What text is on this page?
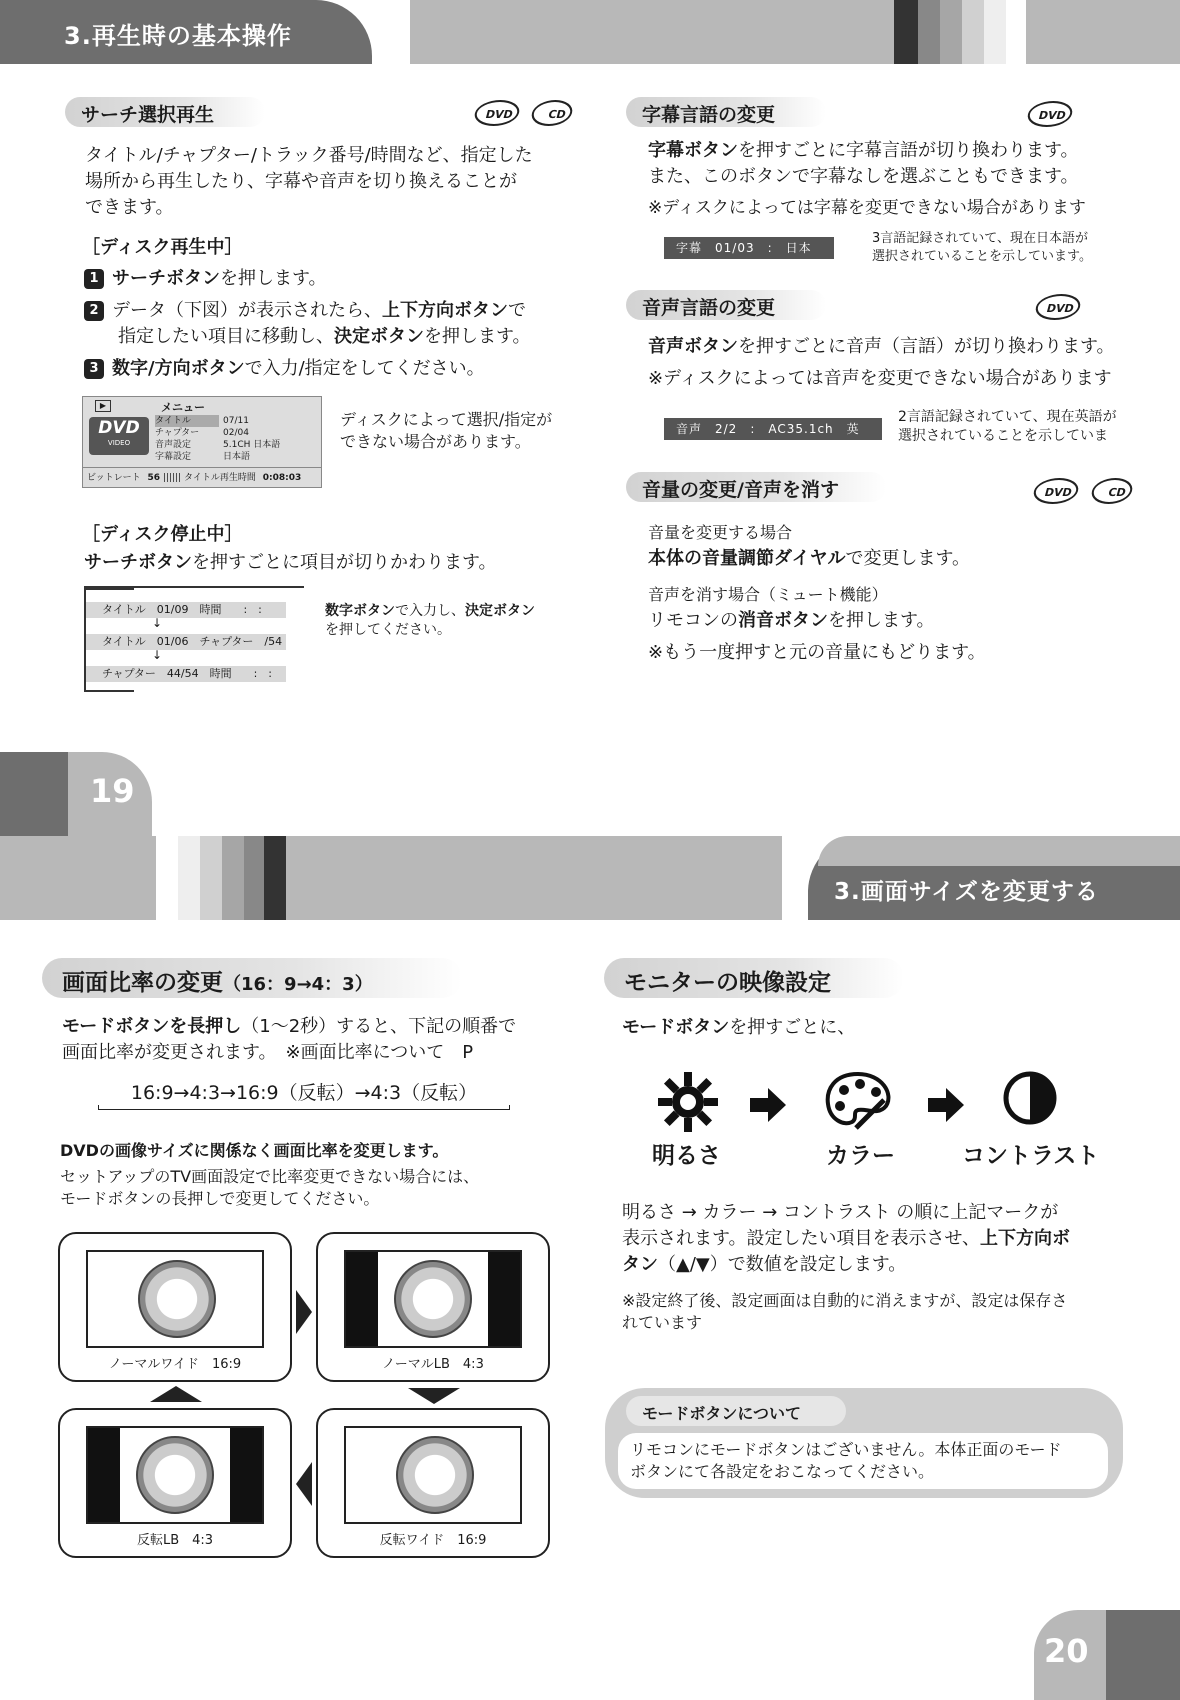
3.再生時の基本操作
サーチ選択再生	DVD	CD
タイトル/チャプター/トラック番号/時間など、指定した
場所から再生したり、字幕や音声を切り換えることが
できます。
［ディスク再生中］
1 サーチボタンを押します。
2 データ（下図）が表示されたら、上下方向ボタンで
指定したい項目に移動し、決定ボタンを押します。
3 数字/方向ボタンで入力/指定をしてください。
▶	メニュー
DVD
VIDEO
タイトル	07/11
チャプター	02/04
音声設定	5.1CH 日本語
字幕設定	日本語
ビットレート 56 |||||| タイトル再生時間 0:08:03
ディスクによって選択/指定が
できない場合があります。
［ディスク停止中］
サーチボタンを押すごとに項目が切りかわります。
タイトル　01/09　時間　　:　:
↓
タイトル　01/06　チャプター　/54
↓
チャプター　44/54　時間　　:　:
数字ボタンで入力し、決定ボタン
を押してください。
字幕言語の変更	DVD
字幕ボタンを押すごとに字幕言語が切り換わります。
また、このボタンで字幕なしを選ぶこともできます。
※ディスクによっては字幕を変更できない場合があります
字幕　01/03　:　日本語
3言語記録されていて、現在日本語が
選択されていることを示しています。
音声言語の変更	DVD
音声ボタンを押すごとに音声（言語）が切り換わります。
※ディスクによっては音声を変更できない場合があります
音声　2/2　:　AC35.1ch　英語
2言語記録されていて、現在英語が
選択されていることを示していま
音量の変更/音声を消す	DVD	CD
音量を変更する場合
本体の音量調節ダイヤルで変更します。
音声を消す場合（ミュート機能）
リモコンの消音ボタンを押します。
※もう一度押すと元の音量にもどります。
19
3.画面サイズを変更する
画面比率の変更（16：9→4：3）
モードボタンを長押し（1〜2秒）すると、下記の順番で
画面比率が変更されます。　※画面比率について　P
16:9→4:3→16:9（反転）→4:3（反転）
DVDの画像サイズに関係なく画面比率を変更します。
セットアップのTV画面設定で比率変更できない場合には、
モードボタンの長押しで変更してください。
ノーマルワイド　16:9	ノーマルLB　4:3
反転LB　4:3	反転ワイド　16:9
モニターの映像設定
モードボタンを押すごとに、
明るさ	カラー	コントラスト
明るさ → カラー → コントラスト の順に上記マークが
表示されます。設定したい項目を表示させ、上下方向ボ
タン（▲/▼）で数値を設定します。
※設定終了後、設定画面は自動的に消えますが、設定は保存さ
れています
モードボタンについて
リモコンにモードボタンはございません。本体正面のモード
ボタンにて各設定をおこなってください。
20
